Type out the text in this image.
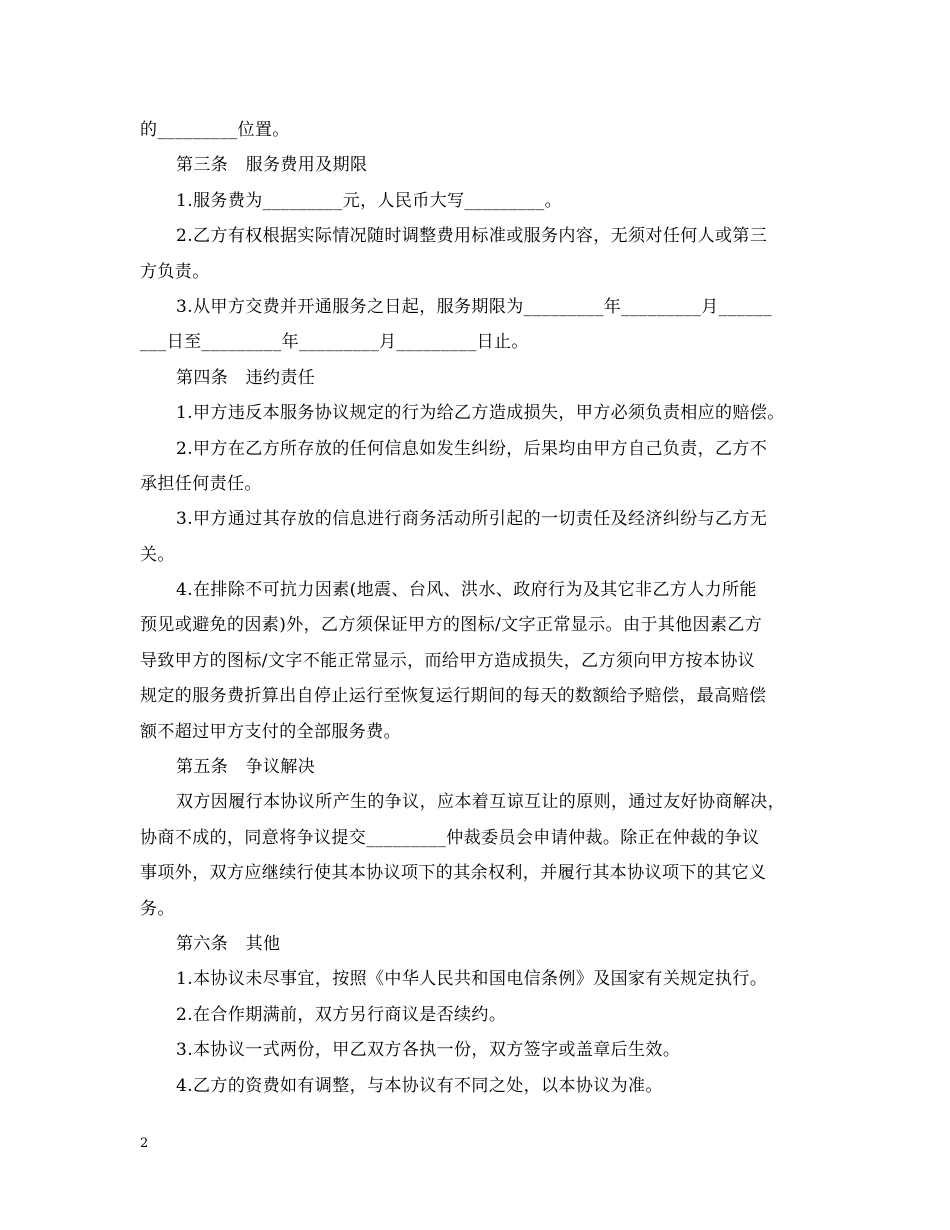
的_________位置。
第三条　服务费用及期限
1.服务费为_________元，人民币大写_________。
2.乙方有权根据实际情况随时调整费用标准或服务内容，无须对任何人或第三
方负责。
3.从甲方交费并开通服务之日起，服务期限为_________年_________月______
___日至_________年_________月_________日止。
第四条　违约责任
1.甲方违反本服务协议规定的行为给乙方造成损失，甲方必须负责相应的赔偿。
2.甲方在乙方所存放的任何信息如发生纠纷，后果均由甲方自己负责，乙方不
承担任何责任。
3.甲方通过其存放的信息进行商务活动所引起的一切责任及经济纠纷与乙方无
关。
4.在排除不可抗力因素(地震、台风、洪水、政府行为及其它非乙方人力所能
预见或避免的因素)外，乙方须保证甲方的图标/文字正常显示。由于其他因素乙方
导致甲方的图标/文字不能正常显示，而给甲方造成损失，乙方须向甲方按本协议
规定的服务费折算出自停止运行至恢复运行期间的每天的数额给予赔偿，最高赔偿
额不超过甲方支付的全部服务费。
第五条　争议解决
双方因履行本协议所产生的争议，应本着互谅互让的原则，通过友好协商解决，
协商不成的，同意将争议提交_________仲裁委员会申请仲裁。除正在仲裁的争议
事项外，双方应继续行使其本协议项下的其余权利，并履行其本协议项下的其它义
务。
第六条　其他
1.本协议未尽事宜，按照《中华人民共和国电信条例》及国家有关规定执行。
2.在合作期满前，双方另行商议是否续约。
3.本协议一式两份，甲乙双方各执一份，双方签字或盖章后生效。
4.乙方的资费如有调整，与本协议有不同之处，以本协议为准。
2
